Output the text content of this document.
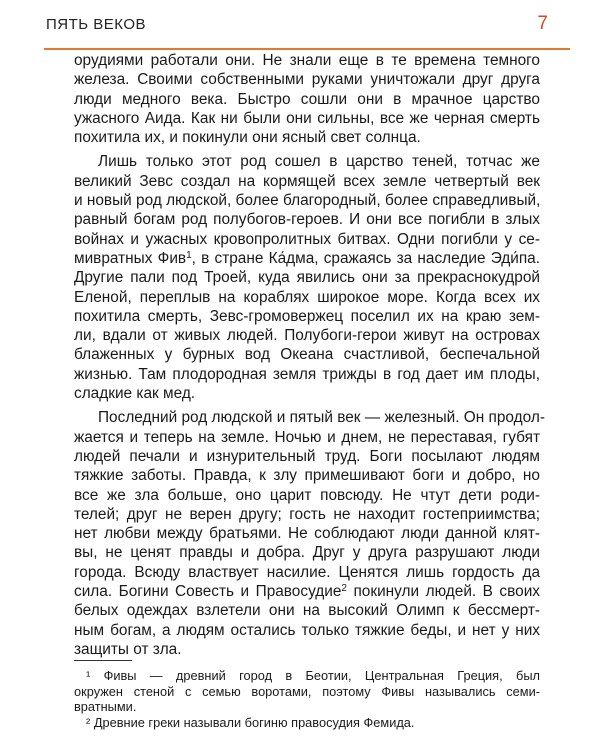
ПЯТЬ ВЕКОВ	7

орудиями работали они. Не знали еще в те времена темного
железа. Своими собственными руками уничтожали друг друга
люди медного века. Быстро сошли они в мрачное царство
ужасного Аида. Как ни были они сильны, все же черная смерть
похитила их, и покинули они ясный свет солнца.

Лишь только этот род сошел в царство теней, тотчас же
великий Зевс создал на кормящей всех земле четвертый век
и новый род людской, более благородный, более справедливый,
равный богам род полубогов-героев. И они все погибли в злых
войнах и ужасных кровопролитных битвах. Одни погибли у се-
мивратных Фив$^1$, в стране Ка́дма, сражаясь за наследие Эди́па.
Другие пали под Троей, куда явились они за прекраснокудрой
Еленой, переплыв на кораблях широкое море. Когда всех их
похитила смерть, Зевс-громовержец поселил их на краю зем-
ли, вдали от живых людей. Полубоги-герои живут на островах
блаженных у бурных вод Океана счастливой, беспечальной
жизнью. Там плодородная земля трижды в год дает им плоды,
сладкие как мед.

Последний род людской и пятый век — железный. Он продол-
жается и теперь на земле. Ночью и днем, не переставая, губят
людей печали и изнурительный труд. Боги посылают людям
тяжкие заботы. Правда, к злу примешивают боги и добро, но
все же зла больше, оно царит повсюду. Не чтут дети роди-
телей; друг не верен другу; гость не находит гостеприимства;
нет любви между братьями. Не соблюдают люди данной клят-
вы, не ценят правды и добра. Друг у друга разрушают люди
города. Всюду властвует насилие. Ценятся лишь гордость да
сила. Богини Совесть и Правосудие$^2$ покинули людей. В своих
белых одеждах взлетели они на высокий Олимп к бессмерт-
ным богам, а людям остались только тяжкие беды, и нет у них
защиты от зла.

¹ Фивы — древний город в Беотии, Центральная Греция, был
окружен стеной с семью воротами, поэтому Фивы назывались семи-
вратными.

² Древние греки называли богиню правосудия Фемида.
